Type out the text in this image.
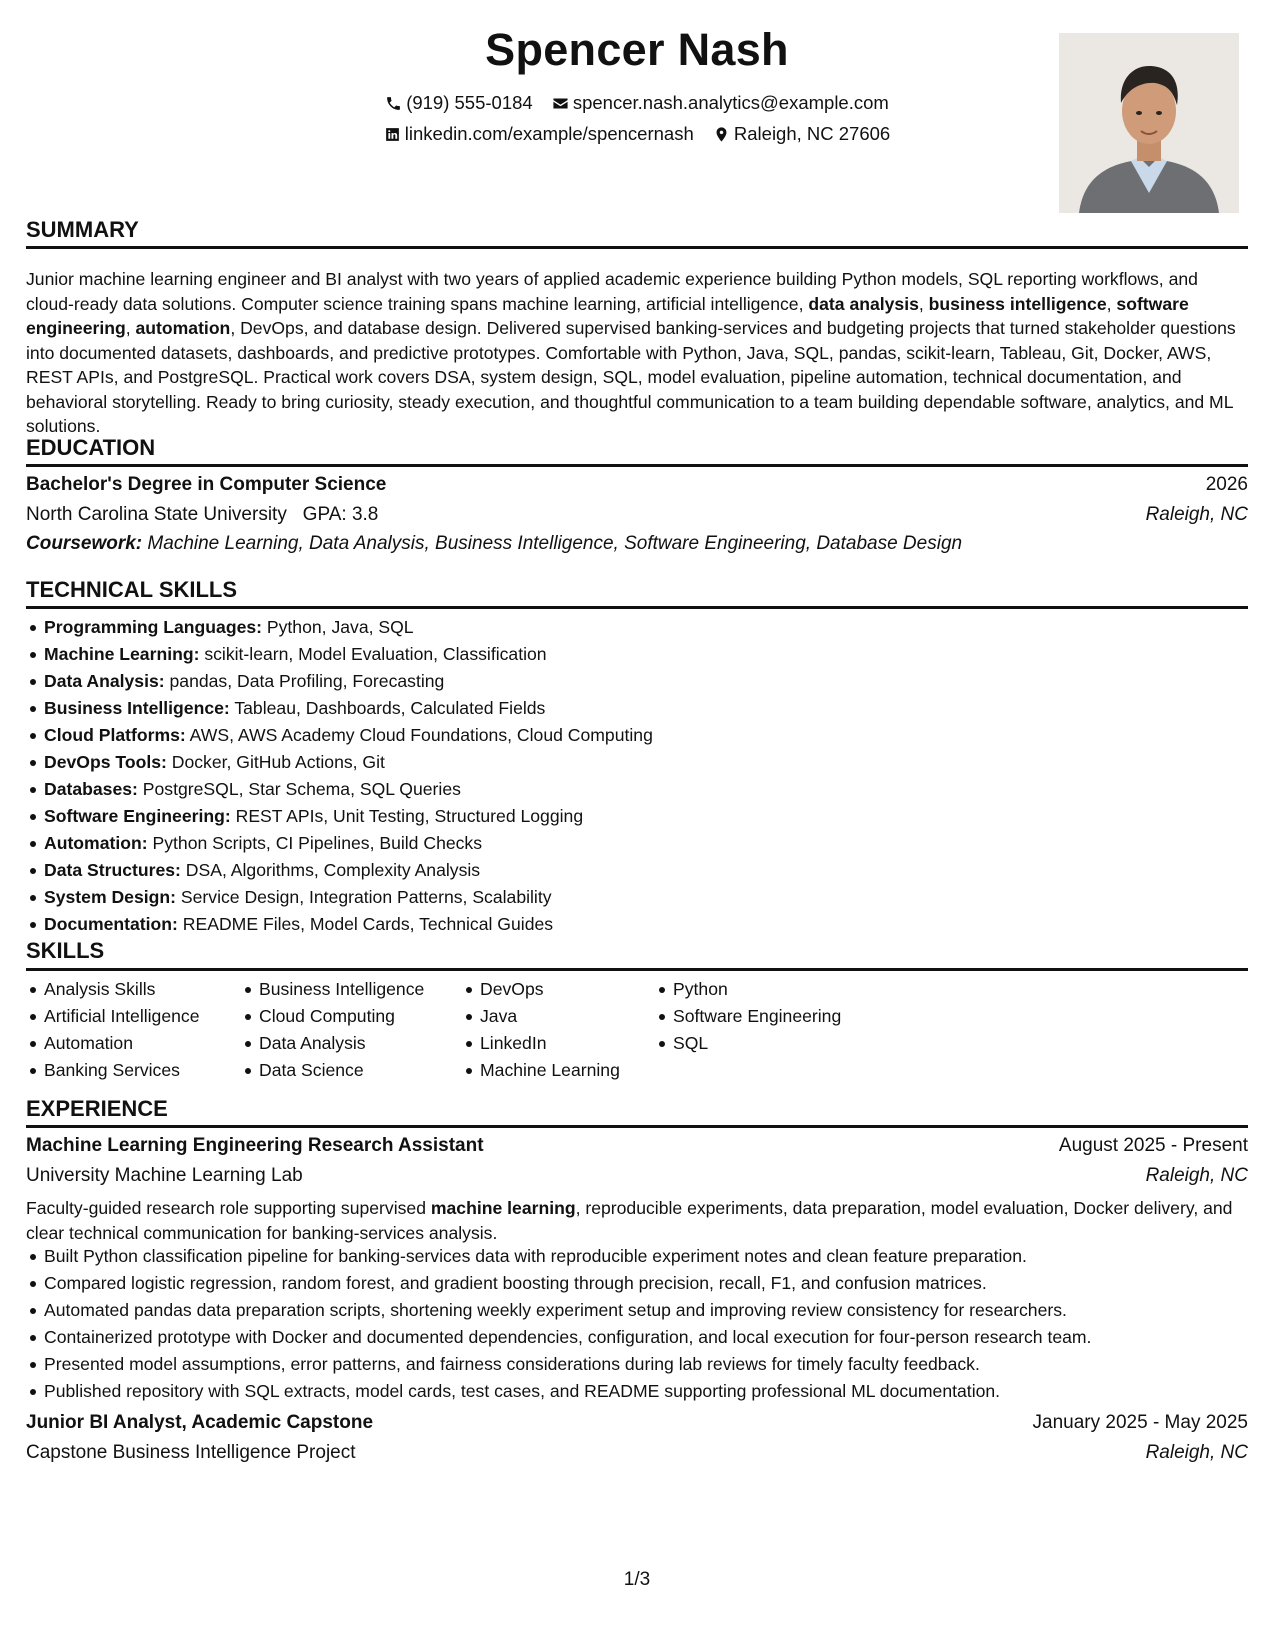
Spencer Nash
(919) 555-0184
spencer.nash.analytics@example.com
linkedin.com/example/spencernash
Raleigh, NC 27606
SUMMARY
Junior machine learning engineer and BI analyst with two years of applied academic experience building Python models, SQL reporting workflows, and cloud-ready data solutions. Computer science training spans machine learning, artificial intelligence, data analysis, business intelligence, software engineering, automation, DevOps, and database design. Delivered supervised banking-services and budgeting projects that turned stakeholder questions into documented datasets, dashboards, and predictive prototypes. Comfortable with Python, Java, SQL, pandas, scikit-learn, Tableau, Git, Docker, AWS, REST APIs, and PostgreSQL. Practical work covers DSA, system design, SQL, model evaluation, pipeline automation, technical documentation, and behavioral storytelling. Ready to bring curiosity, steady execution, and thoughtful communication to a team building dependable software, analytics, and ML solutions.
EDUCATION
Bachelor's Degree in Computer Science	2026
North Carolina State University GPA: 3.8	Raleigh, NC
Coursework: Machine Learning, Data Analysis, Business Intelligence, Software Engineering, Database Design
TECHNICAL SKILLS
Programming Languages: Python, Java, SQL
Machine Learning: scikit-learn, Model Evaluation, Classification
Data Analysis: pandas, Data Profiling, Forecasting
Business Intelligence: Tableau, Dashboards, Calculated Fields
Cloud Platforms: AWS, AWS Academy Cloud Foundations, Cloud Computing
DevOps Tools: Docker, GitHub Actions, Git
Databases: PostgreSQL, Star Schema, SQL Queries
Software Engineering: REST APIs, Unit Testing, Structured Logging
Automation: Python Scripts, CI Pipelines, Build Checks
Data Structures: DSA, Algorithms, Complexity Analysis
System Design: Service Design, Integration Patterns, Scalability
Documentation: README Files, Model Cards, Technical Guides
SKILLS
Analysis Skills
Artificial Intelligence
Automation
Banking Services
Business Intelligence
Cloud Computing
Data Analysis
Data Science
DevOps
Java
LinkedIn
Machine Learning
Python
Software Engineering
SQL
EXPERIENCE
Machine Learning Engineering Research Assistant	August 2025 - Present
University Machine Learning Lab	Raleigh, NC
Faculty-guided research role supporting supervised machine learning, reproducible experiments, data preparation, model evaluation, Docker delivery, and clear technical communication for banking-services analysis.
Built Python classification pipeline for banking-services data with reproducible experiment notes and clean feature preparation.
Compared logistic regression, random forest, and gradient boosting through precision, recall, F1, and confusion matrices.
Automated pandas data preparation scripts, shortening weekly experiment setup and improving review consistency for researchers.
Containerized prototype with Docker and documented dependencies, configuration, and local execution for four-person research team.
Presented model assumptions, error patterns, and fairness considerations during lab reviews for timely faculty feedback.
Published repository with SQL extracts, model cards, test cases, and README supporting professional ML documentation.
Junior BI Analyst, Academic Capstone	January 2025 - May 2025
Capstone Business Intelligence Project	Raleigh, NC
1/3
